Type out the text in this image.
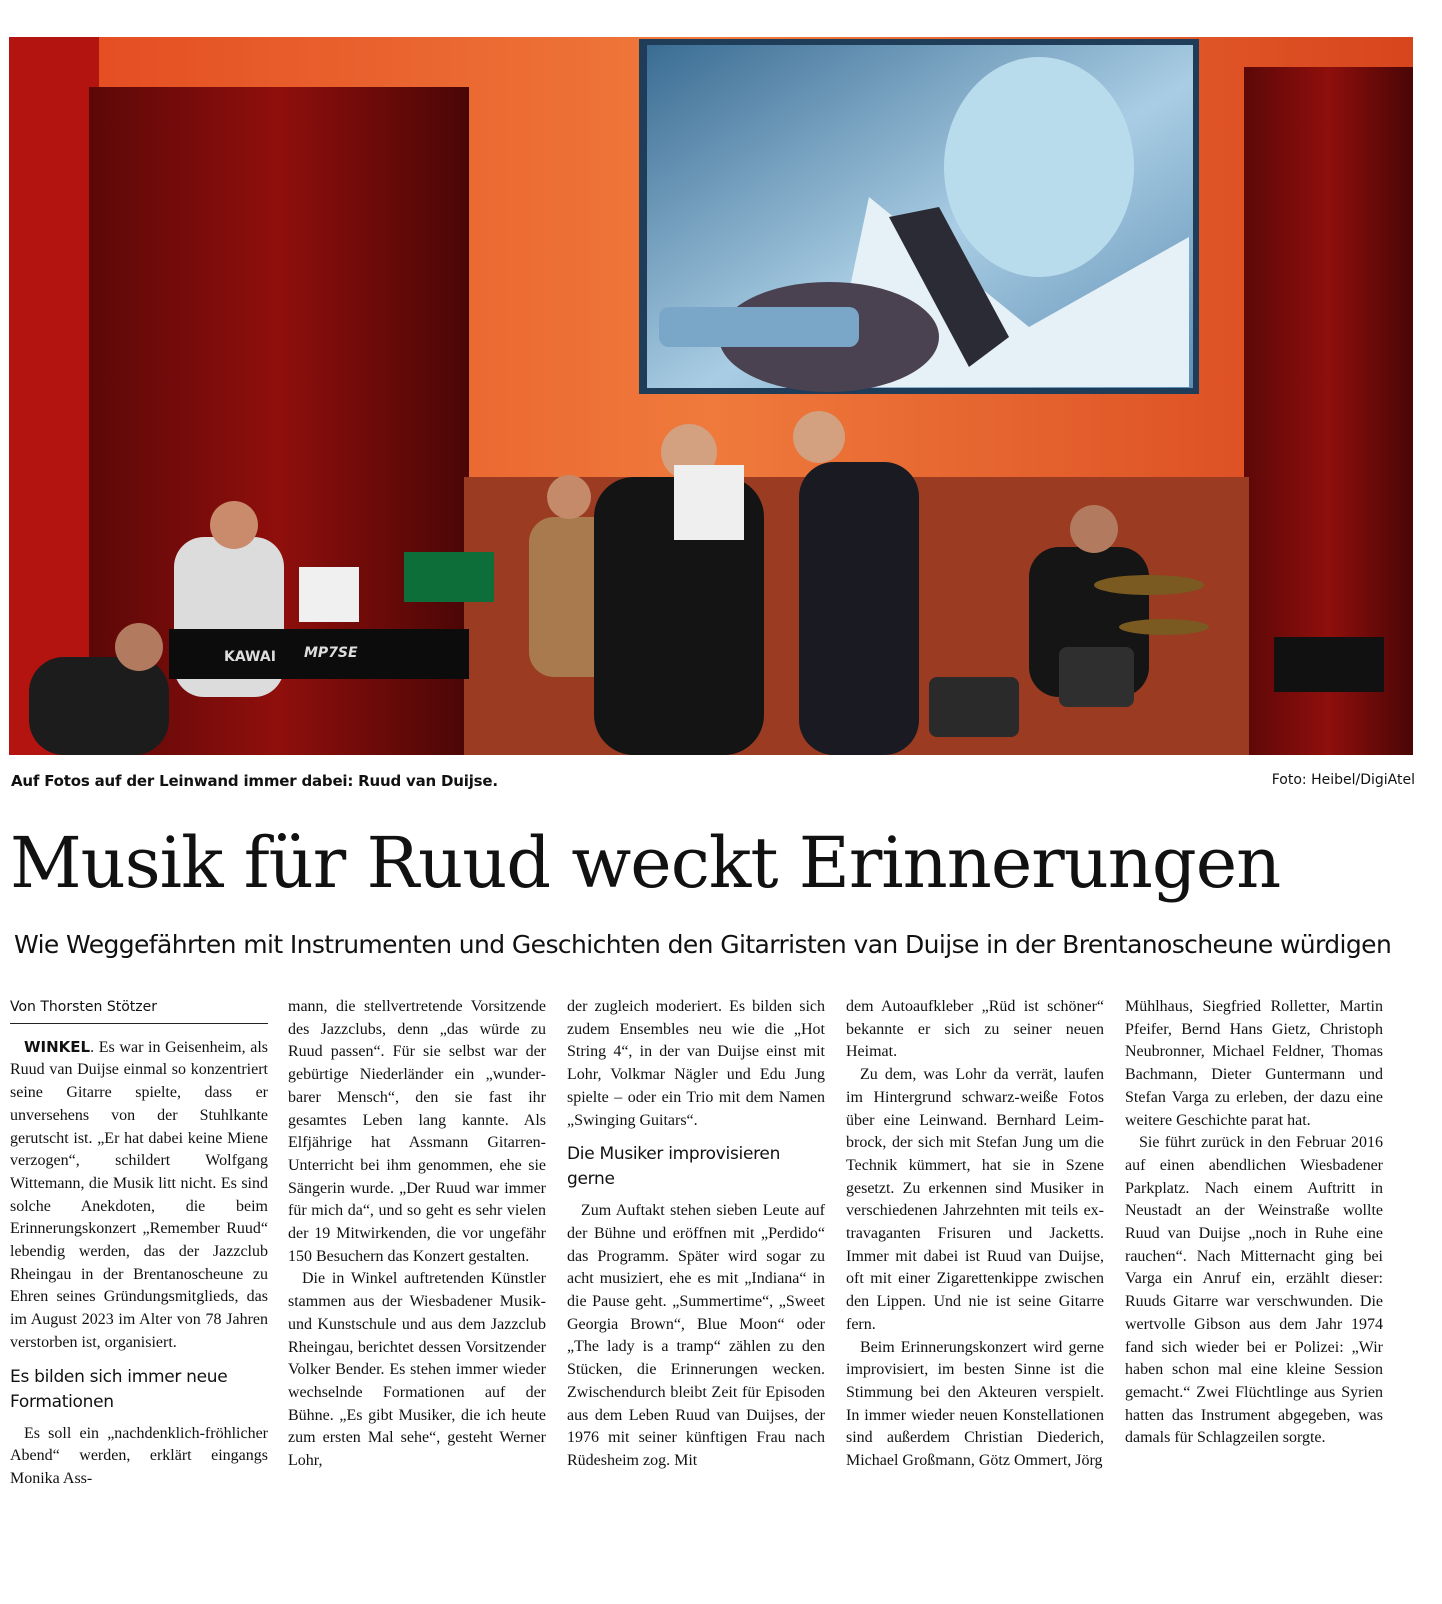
KAWAI MP7SE
Auf Fotos auf der Leinwand immer dabei: Ruud van Duijse.	Foto: Heibel/DigiAtel
Musik für Ruud weckt Erinnerungen
Wie Weggefährten mit Instrumenten und Geschichten den Gitarristen van Duijse in der Brentanoscheune würdigen
Von Thorsten Stötzer

WINKEL. Es war in Geisenheim, als Ruud van Duijse einmal so konzentriert seine Gitarre spielte, dass er unversehens von der Stuhlkante gerutscht ist. „Er hat dabei keine Miene verzogen“, schildert Wolfgang Wittemann, die Musik litt nicht. Es sind solche Anekdoten, die beim Erinnerungskonzert „Remember Ruud“ lebendig werden, das der Jazzclub Rheingau in der Brentanoscheune zu Ehren seines Gründungsmitglieds, das im August 2023 im Alter von 78 Jahren verstorben ist, organisiert.

Es bilden sich immer neue Formationen

Es soll ein „nachdenklich-fröhlicher Abend“ werden, erklärt eingangs Monika Ass-

mann, die stellvertretende Vorsitzende des Jazzclubs, denn „das würde zu Ruud passen“. Für sie selbst war der gebürtige Niederländer ein „wunderbarer Mensch“, den sie fast ihr gesamtes Leben lang kannte. Als Elfjährige hat Assmann Gitarren-Unterricht bei ihm genommen, ehe sie Sängerin wurde. „Der Ruud war immer für mich da“, und so geht es sehr vielen der 19 Mitwirkenden, die vor ungefähr 150 Besuchern das Konzert gestalten.

Die in Winkel auftretenden Künstler stammen aus der Wiesbadener Musik- und Kunstschule und aus dem Jazzclub Rheingau, berichtet dessen Vorsitzender Volker Bender. Es stehen immer wieder wechselnde Formationen auf der Bühne. „Es gibt Musiker, die ich heute zum ersten Mal sehe“, gesteht Werner Lohr,

der zugleich moderiert. Es bilden sich zudem Ensembles neu wie die „Hot String 4“, in der van Duijse einst mit Lohr, Volkmar Nägler und Edu Jung spielte – oder ein Trio mit dem Namen „Swinging Guitars“.

Die Musiker improvisieren gerne

Zum Auftakt stehen sieben Leute auf der Bühne und eröffnen mit „Perdido“ das Programm. Später wird sogar zu acht musiziert, ehe es mit „Indiana“ in die Pause geht. „Summertime“, „Sweet Georgia Brown“, Blue Moon“ oder „The lady is a tramp“ zählen zu den Stücken, die Erinnerungen wecken. Zwischendurch bleibt Zeit für Episoden aus dem Leben Ruud van Duijses, der 1976 mit seiner künftigen Frau nach Rüdesheim zog. Mit

dem Autoaufkleber „Rüd ist schöner“ bekannte er sich zu seiner neuen Heimat.

Zu dem, was Lohr da verrät, laufen im Hintergrund schwarz-weiße Fotos über eine Leinwand. Bernhard Leimbrock, der sich mit Stefan Jung um die Technik kümmert, hat sie in Szene gesetzt. Zu erkennen sind Musiker in verschiedenen Jahrzehnten mit teils extravaganten Frisuren und Jacketts. Immer mit dabei ist Ruud van Duijse, oft mit einer Zigarettenkippe zwischen den Lippen. Und nie ist seine Gitarre fern.

Beim Erinnerungskonzert wird gerne improvisiert, im besten Sinne ist die Stimmung bei den Akteuren verspielt. In immer wieder neuen Konstellationen sind außerdem Christian Diederich, Michael Großmann, Götz Ommert, Jörg

Mühlhaus, Siegfried Rolletter, Martin Pfeifer, Bernd Hans Gietz, Christoph Neubronner, Michael Feldner, Thomas Bachmann, Dieter Guntermann und Stefan Varga zu erleben, der dazu eine weitere Geschichte parat hat.

Sie führt zurück in den Februar 2016 auf einen abendlichen Wiesbadener Parkplatz. Nach einem Auftritt in Neustadt an der Weinstraße wollte Ruud van Duijse „noch in Ruhe eine rauchen“. Nach Mitternacht ging bei Varga ein Anruf ein, erzählt dieser: Ruuds Gitarre war verschwunden. Die wertvolle Gibson aus dem Jahr 1974 fand sich wieder bei er Polizei: „Wir haben schon mal eine kleine Session gemacht.“ Zwei Flüchtlinge aus Syrien hatten das Instrument abgegeben, was damals für Schlagzeilen sorgte.
